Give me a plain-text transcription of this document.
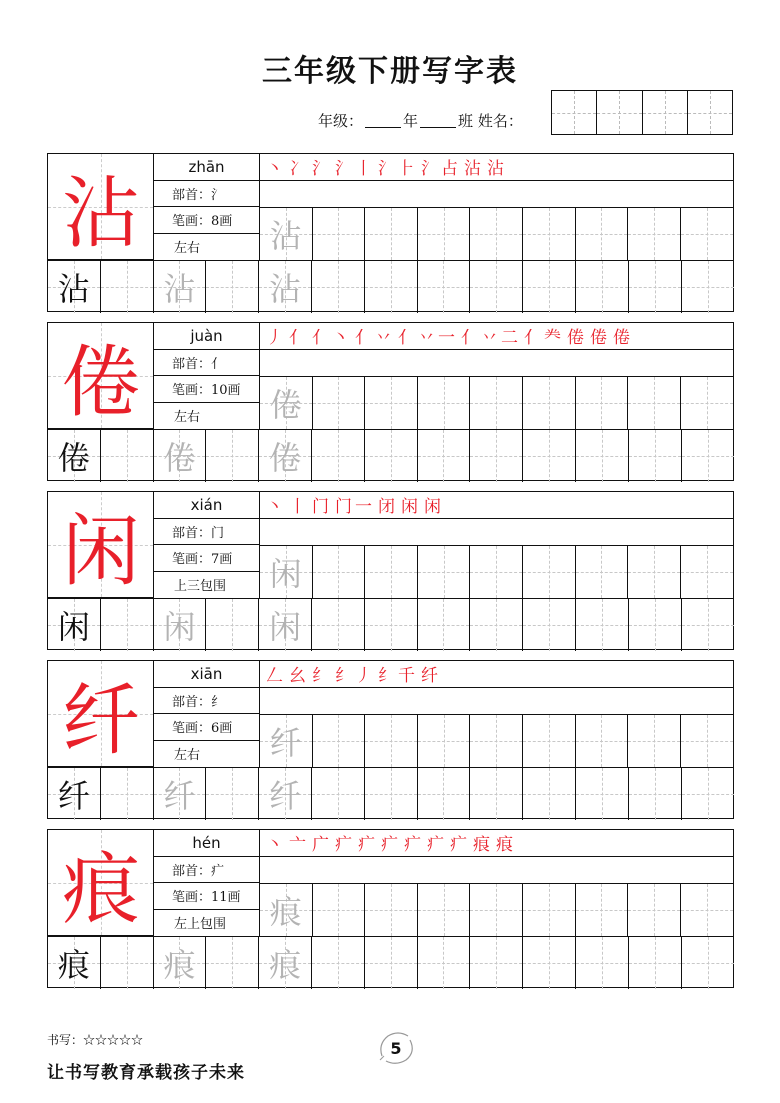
三年级下册写字表
年级：	年	班 姓名：
沾
zhān
部首：氵
笔画：8画
左右
丶 冫 氵 氵丨 氵⺊ 氵占 沾 沾
沾
沾 沾 沾
倦
juàn
部首：亻
笔画：10画
左右
丿 亻 亻丶 亻丷 亻丷一 亻丷二 亻龹 倦 倦 倦
倦
倦 倦 倦
闲
xián
部首：门
笔画：7画
上三包围
丶 丨 门 门一 闭 闲 闲
闲
闲 闲 闲
纤
xiān
部首：纟
笔画：6画
左右
𠃋 幺 纟 纟丿 纟千 纤
纤
纤 纤 纤
痕
hén
部首：疒
笔画：11画
左上包围
丶 亠 广 疒 疒 疒 疒 疒 疒 痕 痕
痕
痕 痕 痕
书写：☆☆☆☆☆
让书写教育承载孩子未来
5
